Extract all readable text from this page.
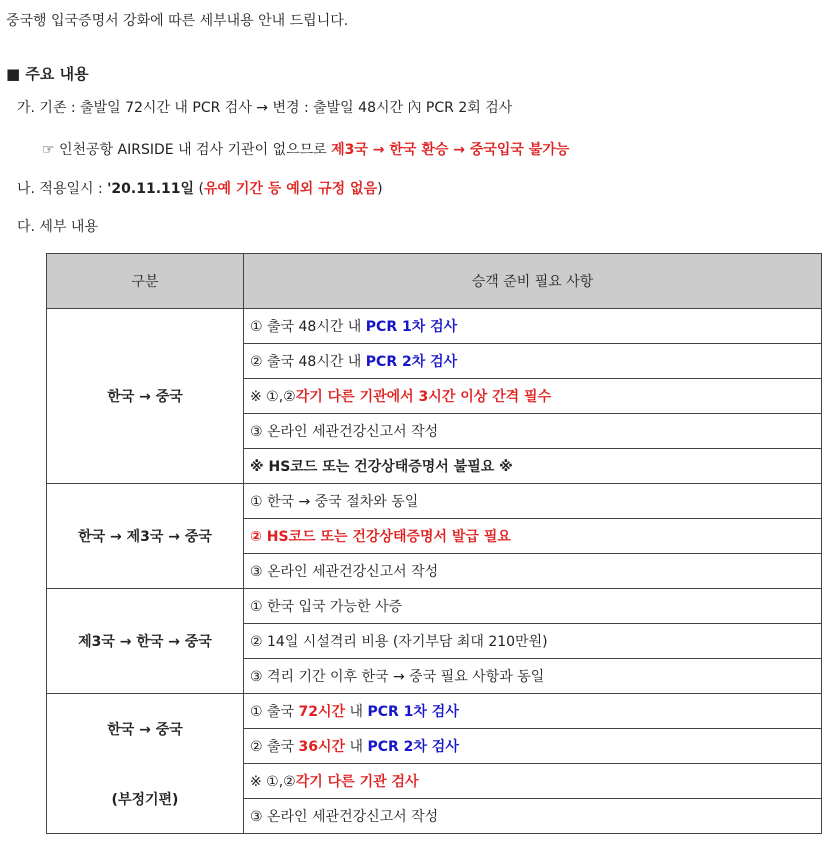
중국행 입국증명서 강화에 따른 세부내용 안내 드립니다.
■ 주요 내용
가. 기존 : 출발일 72시간 내 PCR 검사 → 변경 : 출발일 48시간 內 PCR 2회 검사
☞ 인천공항 AIRSIDE 내 검사 기관이 없으므로 제3국 → 한국 환승 → 중국입국 불가능
나. 적용일시 : '20.11.11일 (유예 기간 등 예외 규정 없음)
다. 세부 내용
구분	승객 준비 필요 사항

한국 → 중국	① 출국 48시간 내 PCR 1차 검사
	② 출국 48시간 내 PCR 2차 검사
	※ ①,②각기 다른 기관에서 3시간 이상 간격 필수
	③ 온라인 세관건강신고서 작성
	※ HS코드 또는 건강상태증명서 불필요 ※

한국 → 제3국 → 중국	① 한국 → 중국 절차와 동일
	② HS코드 또는 건강상태증명서 발급 필요
	③ 온라인 세관건강신고서 작성

제3국 → 한국 → 중국	① 한국 입국 가능한 사증
	② 14일 시설격리 비용 (자기부담 최대 210만원)
	③ 격리 기간 이후 한국 → 중국 필요 사항과 동일

한국 → 중국
(부정기편)	① 출국 72시간 내 PCR 1차 검사
	② 출국 36시간 내 PCR 2차 검사
	※ ①,②각기 다른 기관 검사
	③ 온라인 세관건강신고서 작성
